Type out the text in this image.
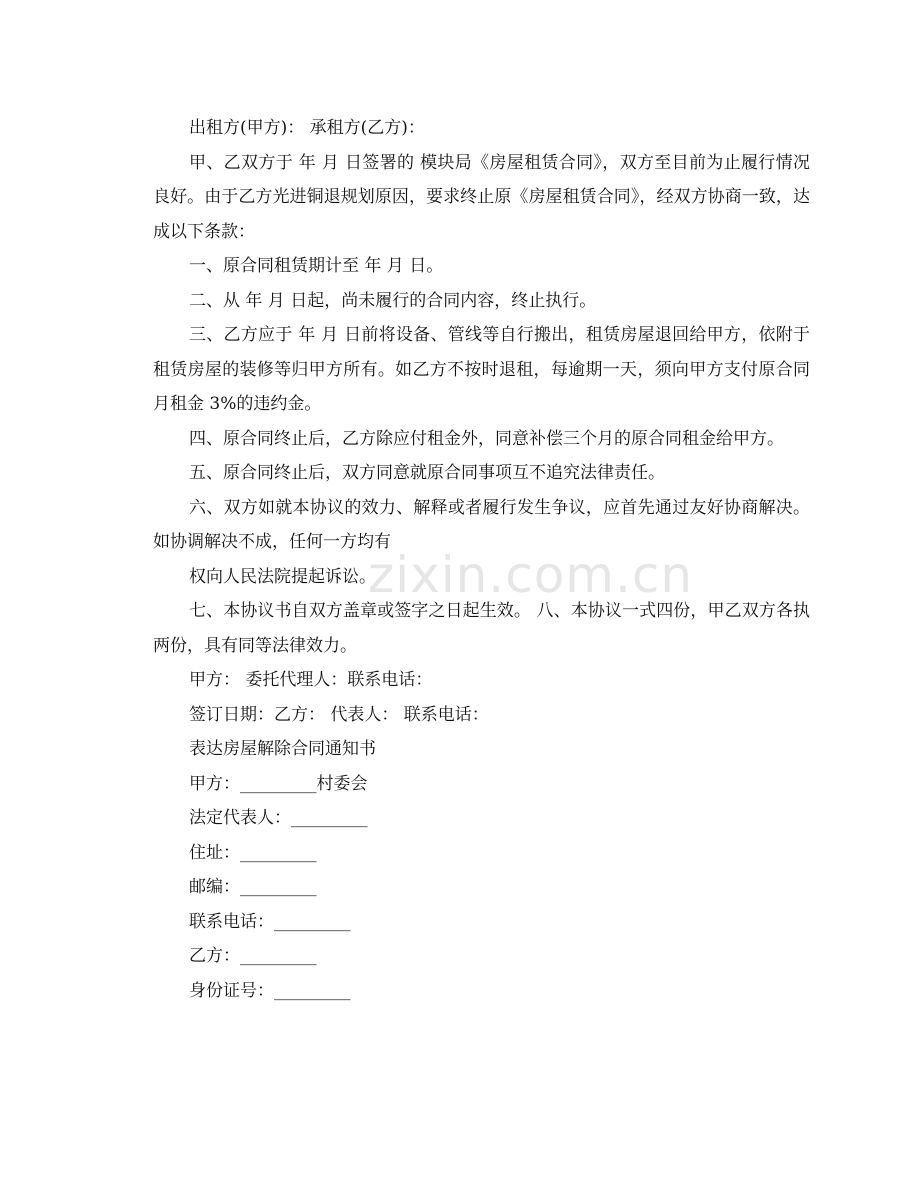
zixin.com.cn

出租方(甲方)： 承租方(乙方)：

甲、乙双方于 年 月 日签署的 模块局《房屋租赁合同》，双方至目前为止履行情况良好。由于乙方光进铜退规划原因，要求终止原《房屋租赁合同》，经双方协商一致，达成以下条款：

一、原合同租赁期计至 年 月 日。

二、从 年 月 日起，尚未履行的合同内容，终止执行。

三、乙方应于 年 月 日前将设备、管线等自行搬出，租赁房屋退回给甲方，依附于租赁房屋的装修等归甲方所有。如乙方不按时退租，每逾期一天，须向甲方支付原合同月租金 3%的违约金。

四、原合同终止后，乙方除应付租金外，同意补偿三个月的原合同租金给甲方。

五、原合同终止后，双方同意就原合同事项互不追究法律责任。

六、双方如就本协议的效力、解释或者履行发生争议，应首先通过友好协商解决。如协调解决不成，任何一方均有

权向人民法院提起诉讼。

七、本协议书自双方盖章或签字之日起生效。 八、本协议一式四份，甲乙双方各执两份，具有同等法律效力。

甲方： 委托代理人：联系电话：

签订日期：乙方： 代表人： 联系电话：

表达房屋解除合同通知书

甲方：_________村委会

法定代表人：_________

住址：_________

邮编：_________

联系电话：_________

乙方：_________

身份证号：_________
